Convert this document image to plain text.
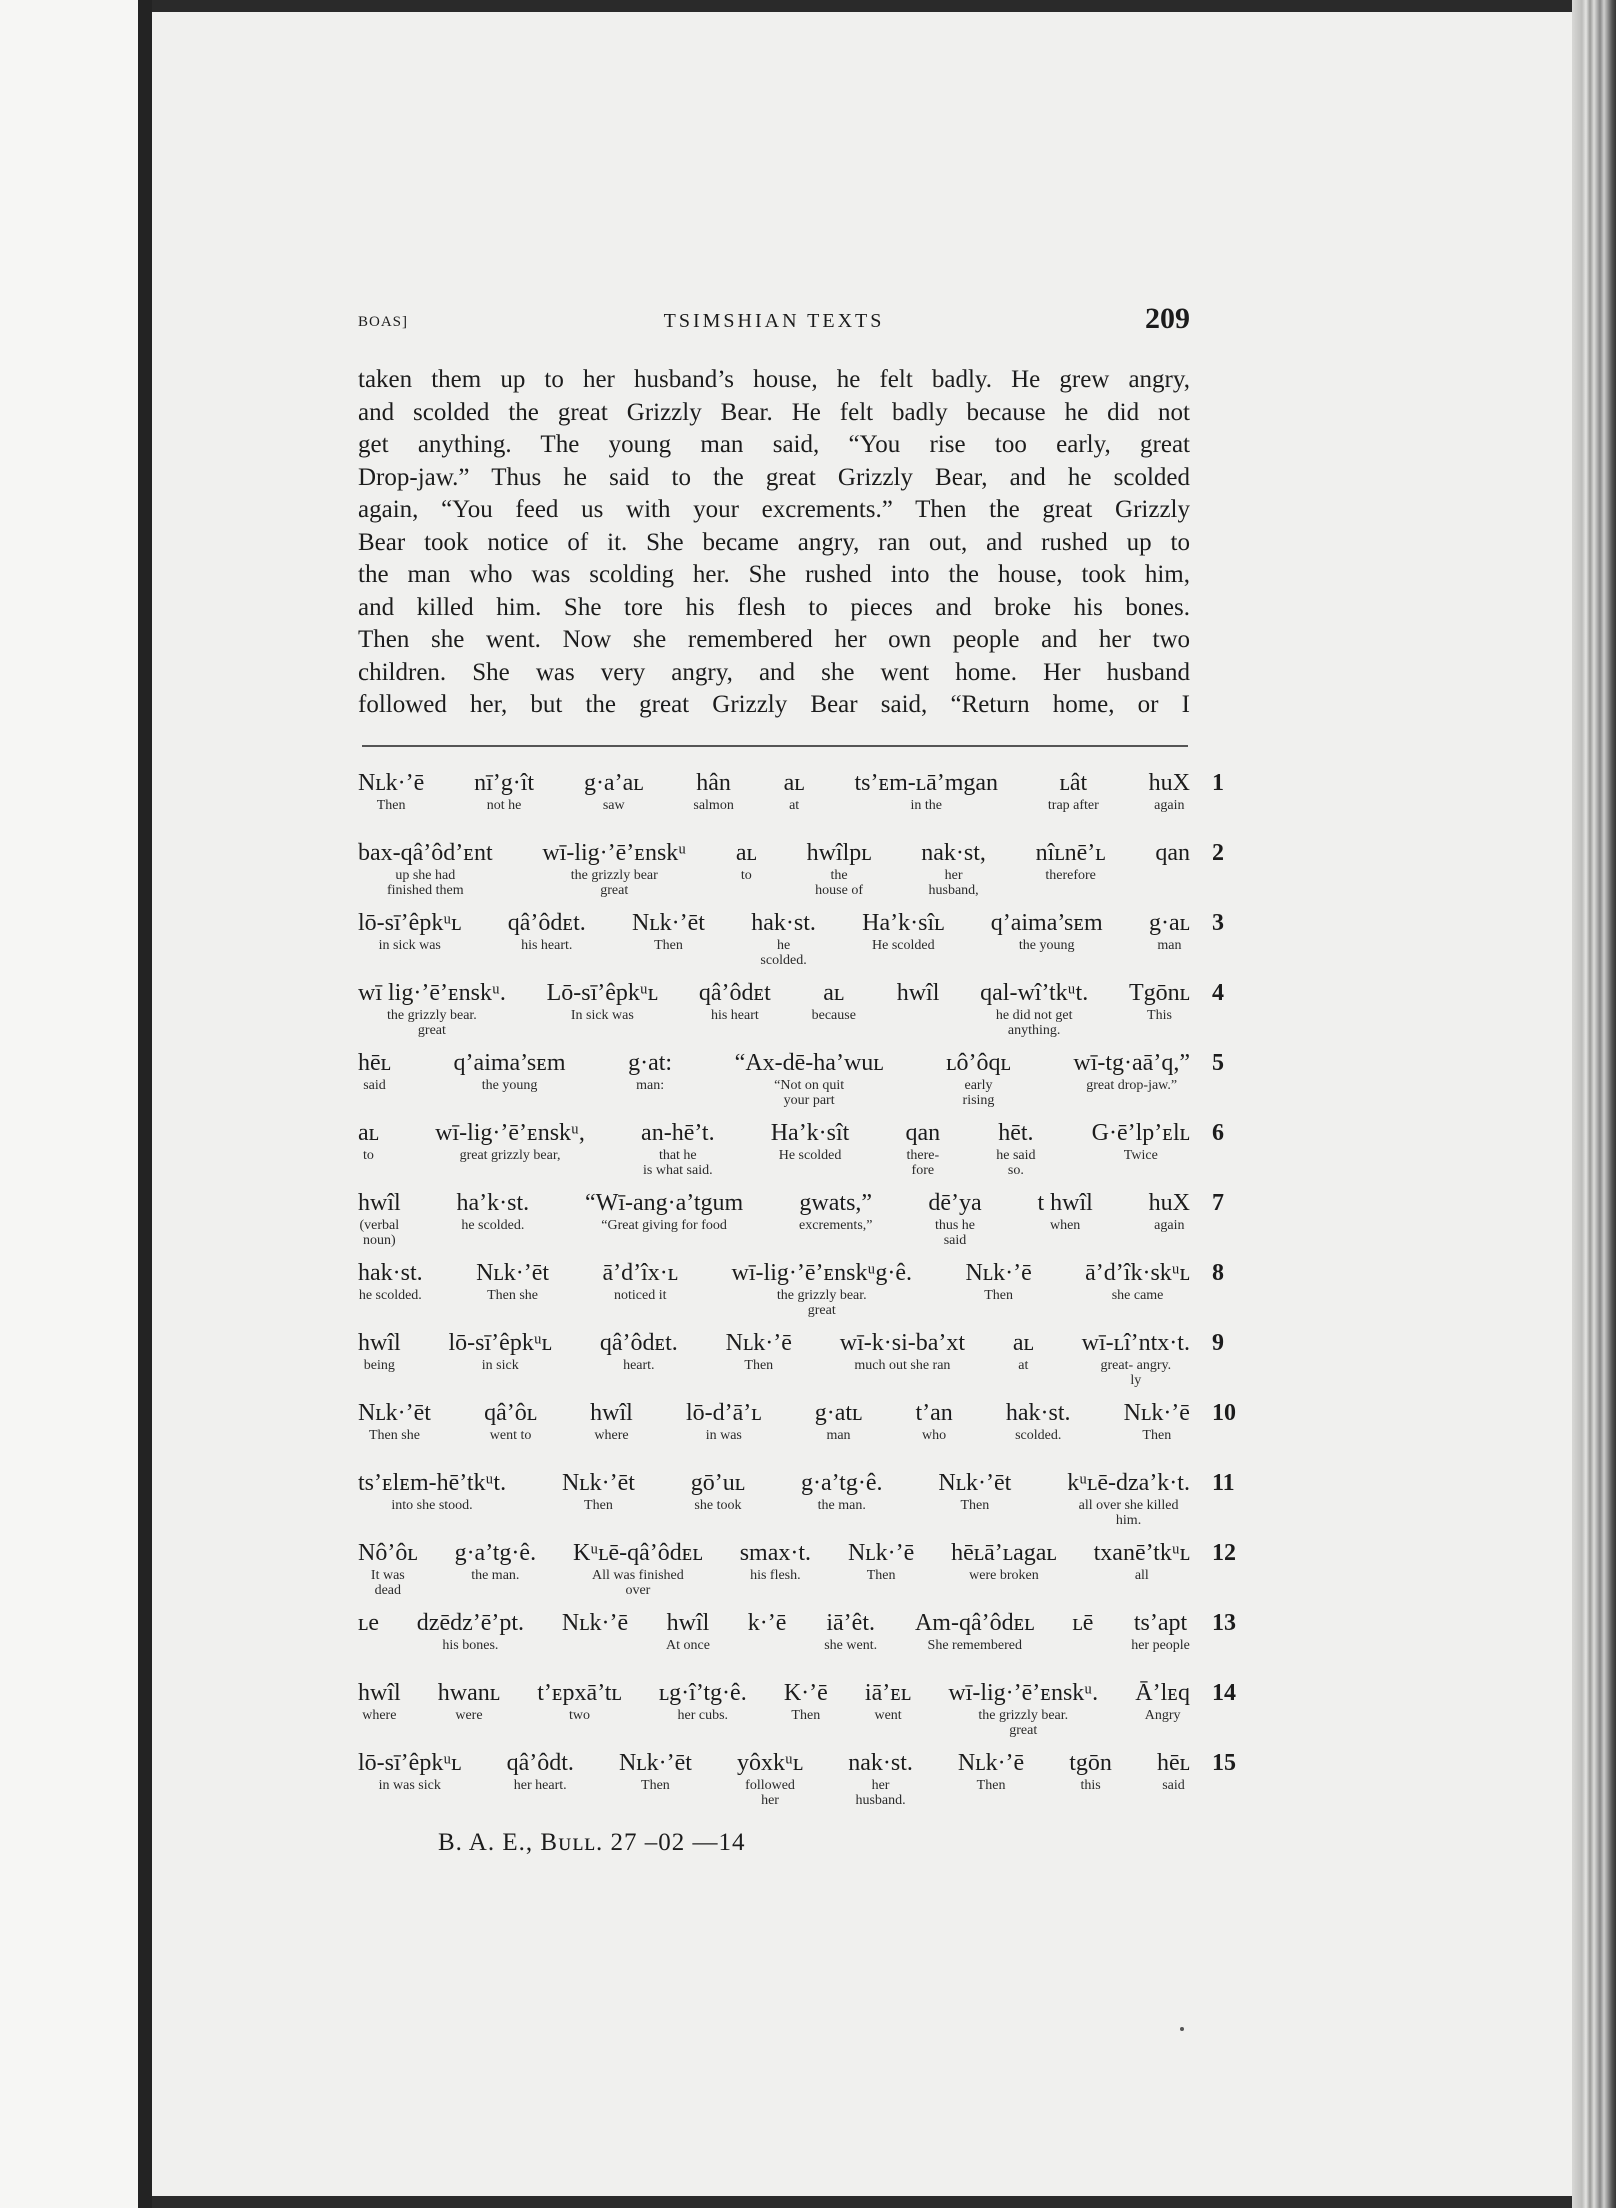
BOAS]	TSIMSHIAN TEXTS	209
taken them up to her husband’s house, he felt badly. He grew angry,
and scolded the great Grizzly Bear. He felt badly because he did not
get anything. The young man said, “You rise too early, great
Drop-jaw.” Thus he said to the great Grizzly Bear, and he scolded
again, “You feed us with your excrements.” Then the great Grizzly
Bear took notice of it. She became angry, ran out, and rushed up to
the man who was scolding her. She rushed into the house, took him,
and killed him. She tore his flesh to pieces and broke his bones.
Then she went. Now she remembered her own people and her two
children. She was very angry, and she went home. Her husband
followed her, but the great Grizzly Bear said, “Return home, or I
Nʟk·’ē
Then
nī’g·ît
not he
g·a’aʟ
saw
hân
salmon
aʟ
at
ts’ᴇm-ʟā’mgan
in the
ʟât
trap after
huX
again
1
bax-qâ’ôd’ᴇnt
up she had
finished them
wī-lig·’ē’ᴇnskᵘ
the grizzly bear
great
aʟ
to
hwîlpʟ
the
house of
nak·st,
her
husband,
nîʟnē’ʟ
therefore
qan 2
lō-sī’êpkᵘʟ
in sick was
qâ’ôdᴇt.
his heart.
Nʟk·’ēt
Then
hak·st.
he
scolded.
Ha’k·sîʟ
He scolded
q’aima’sᴇm
the young
g·aʟ
man
3
wī lig·’ē’ᴇnskᵘ.
the grizzly bear.
great
Lō-sī’êpkᵘʟ
In sick was
qâ’ôdᴇt
his heart
aʟ
because
hwîl qal-wî’tkᵘt.
he did not get
anything.
Tgōnʟ
This
4
hēʟ
said
q’aima’sᴇm
the young
g·at:
man:
“Ax-dē-ha’wuʟ
“Not on quit
your part
ʟô’ôqʟ
early
rising
wī-tg·aā’q,”
great drop-jaw.”
5
aʟ
to
wī-lig·’ē’ᴇnskᵘ,
great grizzly bear,
an-hē’t.
that he
is what said.
Ha’k·sît
He scolded
qan
there-
fore
hēt.
he said
so.
G·ē’lp’ᴇlʟ
Twice
6
hwîl
(verbal
noun)
ha’k·st.
he scolded.
“Wī-ang·a’tgum
“Great giving for food
gwats,”
excrements,”
dē’ya
thus he
said
t hwîl
when
huX
again
7
hak·st.
he scolded.
Nʟk·’ēt
Then she
ā’d’îx·ʟ
noticed it
wī-lig·’ē’ᴇnskᵘg·ê.
the grizzly bear.
great
Nʟk·’ē
Then
ā’d’îk·skᵘʟ
she came
8
hwîl
being
lō-sī’êpkᵘʟ
in sick
qâ’ôdᴇt.
heart.
Nʟk·’ē
Then
wī-k·si-ba’xt
much out she ran
aʟ
at
wī-ʟî’ntx·t.
great- angry.
ly
9
Nʟk·’ēt
Then she
qâ’ôʟ
went to
hwîl
where
lō-d’ā’ʟ
in was
g·atʟ
man
t’an
who
hak·st.
scolded.
Nʟk·’ē
Then
10
ts’ᴇlᴇm-hē’tkᵘt.
into she stood.
Nʟk·’ēt
Then
gō’uʟ
she took
g·a’tg·ê.
the man.
Nʟk·’ēt
Then
kᵘʟē-dza’k·t.
all over she killed
him.
11
Nô’ôʟ
It was
dead
g·a’tg·ê.
the man.
Kᵘʟē-qâ’ôdᴇʟ
All was finished
over
smax·t.
his flesh.
Nʟk·’ē
Then
hēʟā’ʟagaʟ
were broken
txanē’tkᵘʟ
all
12
ʟe dzēdz’ē’pt.
his bones.
Nʟk·’ē hwîl
At once
k·’ē iā’êt.
she went.
Am-qâ’ôdᴇʟ
She remembered
ʟē ts’apt
her people
13
hwîl
where
hwanʟ
were
t’ᴇpxā’tʟ
two
ʟg·î’tg·ê.
her cubs.
K·’ē
Then
iā’ᴇʟ
went
wī-lig·’ē’ᴇnskᵘ.
the grizzly bear.
great
Ā’lᴇq
Angry
14
lō-sī’êpkᵘʟ
in was sick
qâ’ôdt.
her heart.
Nʟk·’ēt
Then
yôxkᵘʟ
followed
her
nak·st.
her
husband.
Nʟk·’ē
Then
tgōn
this
hēʟ
said
15
B. A. E., Bᴜʟʟ. 27 –02 —14
